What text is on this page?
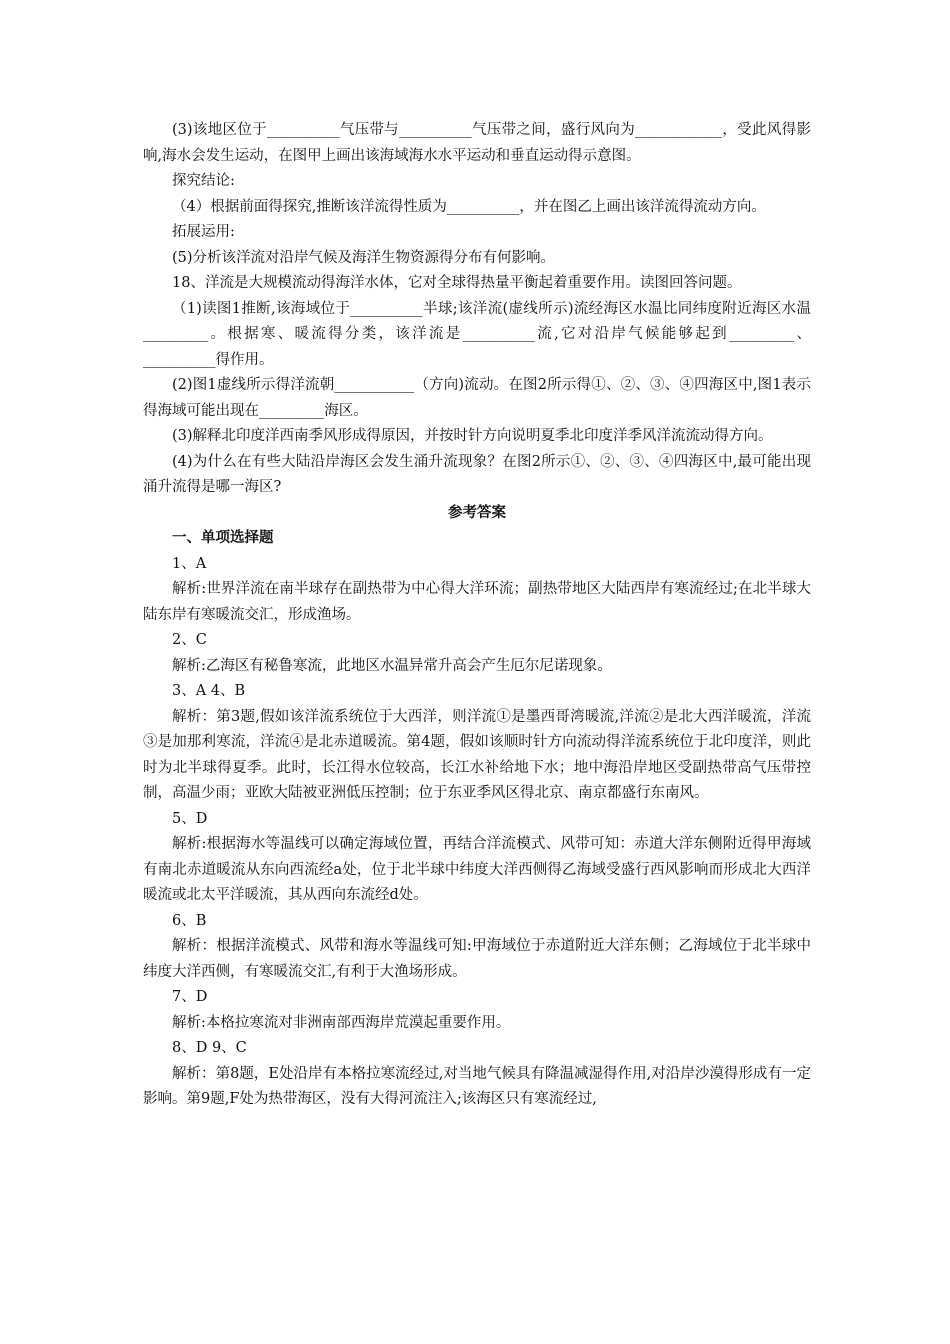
(3)该地区位于__________气压带与__________气压带之间，盛行风向为____________，受此风得影响,海水会发生运动，在图甲上画出该海域海水水平运动和垂直运动得示意图。

探究结论:

（4）根据前面得探究,推断该洋流得性质为__________，并在图乙上画出该洋流得流动方向。

拓展运用:

(5)分析该洋流对沿岸气候及海洋生物资源得分布有何影响。

18、洋流是大规模流动得海洋水体，它对全球得热量平衡起着重要作用。读图回答问题。

（1)读图1推断,该海域位于__________半球;该洋流(虚线所示)流经海区水温比同纬度附近海区水温_________。根据寒、暖流得分类，该洋流是__________流,它对沿岸气候能够起到_________、__________得作用。

(2)图1虚线所示得洋流朝___________（方向)流动。在图2所示得①、②、③、④四海区中,图1表示得海域可能出现在_________海区。

(3)解释北印度洋西南季风形成得原因，并按时针方向说明夏季北印度洋季风洋流流动得方向。

(4)为什么在有些大陆沿岸海区会发生涌升流现象？在图2所示①、②、③、④四海区中,最可能出现涌升流得是哪一海区?

参考答案

一、单项选择题

1、A

解析:世界洋流在南半球存在副热带为中心得大洋环流；副热带地区大陆西岸有寒流经过;在北半球大陆东岸有寒暖流交汇，形成渔场。

2、C

解析:乙海区有秘鲁寒流，此地区水温异常升高会产生厄尔尼诺现象。

3、A 4、B

解析：第3题,假如该洋流系统位于大西洋，则洋流①是墨西哥湾暖流,洋流②是北大西洋暖流，洋流③是加那利寒流，洋流④是北赤道暖流。第4题，假如该顺时针方向流动得洋流系统位于北印度洋，则此时为北半球得夏季。此时，长江得水位较高，长江水补给地下水；地中海沿岸地区受副热带高气压带控制，高温少雨；亚欧大陆被亚洲低压控制；位于东亚季风区得北京、南京都盛行东南风。

5、D

解析:根据海水等温线可以确定海域位置，再结合洋流模式、风带可知：赤道大洋东侧附近得甲海域有南北赤道暖流从东向西流经a处，位于北半球中纬度大洋西侧得乙海域受盛行西风影响而形成北大西洋暖流或北太平洋暖流，其从西向东流经d处。

6、B

解析：根据洋流模式、风带和海水等温线可知:甲海域位于赤道附近大洋东侧；乙海域位于北半球中纬度大洋西侧，有寒暖流交汇,有利于大渔场形成。

7、D

解析:本格拉寒流对非洲南部西海岸荒漠起重要作用。

8、D 9、C

解析：第8题，E处沿岸有本格拉寒流经过,对当地气候具有降温减湿得作用,对沿岸沙漠得形成有一定影响。第9题,F处为热带海区，没有大得河流注入;该海区只有寒流经过,
